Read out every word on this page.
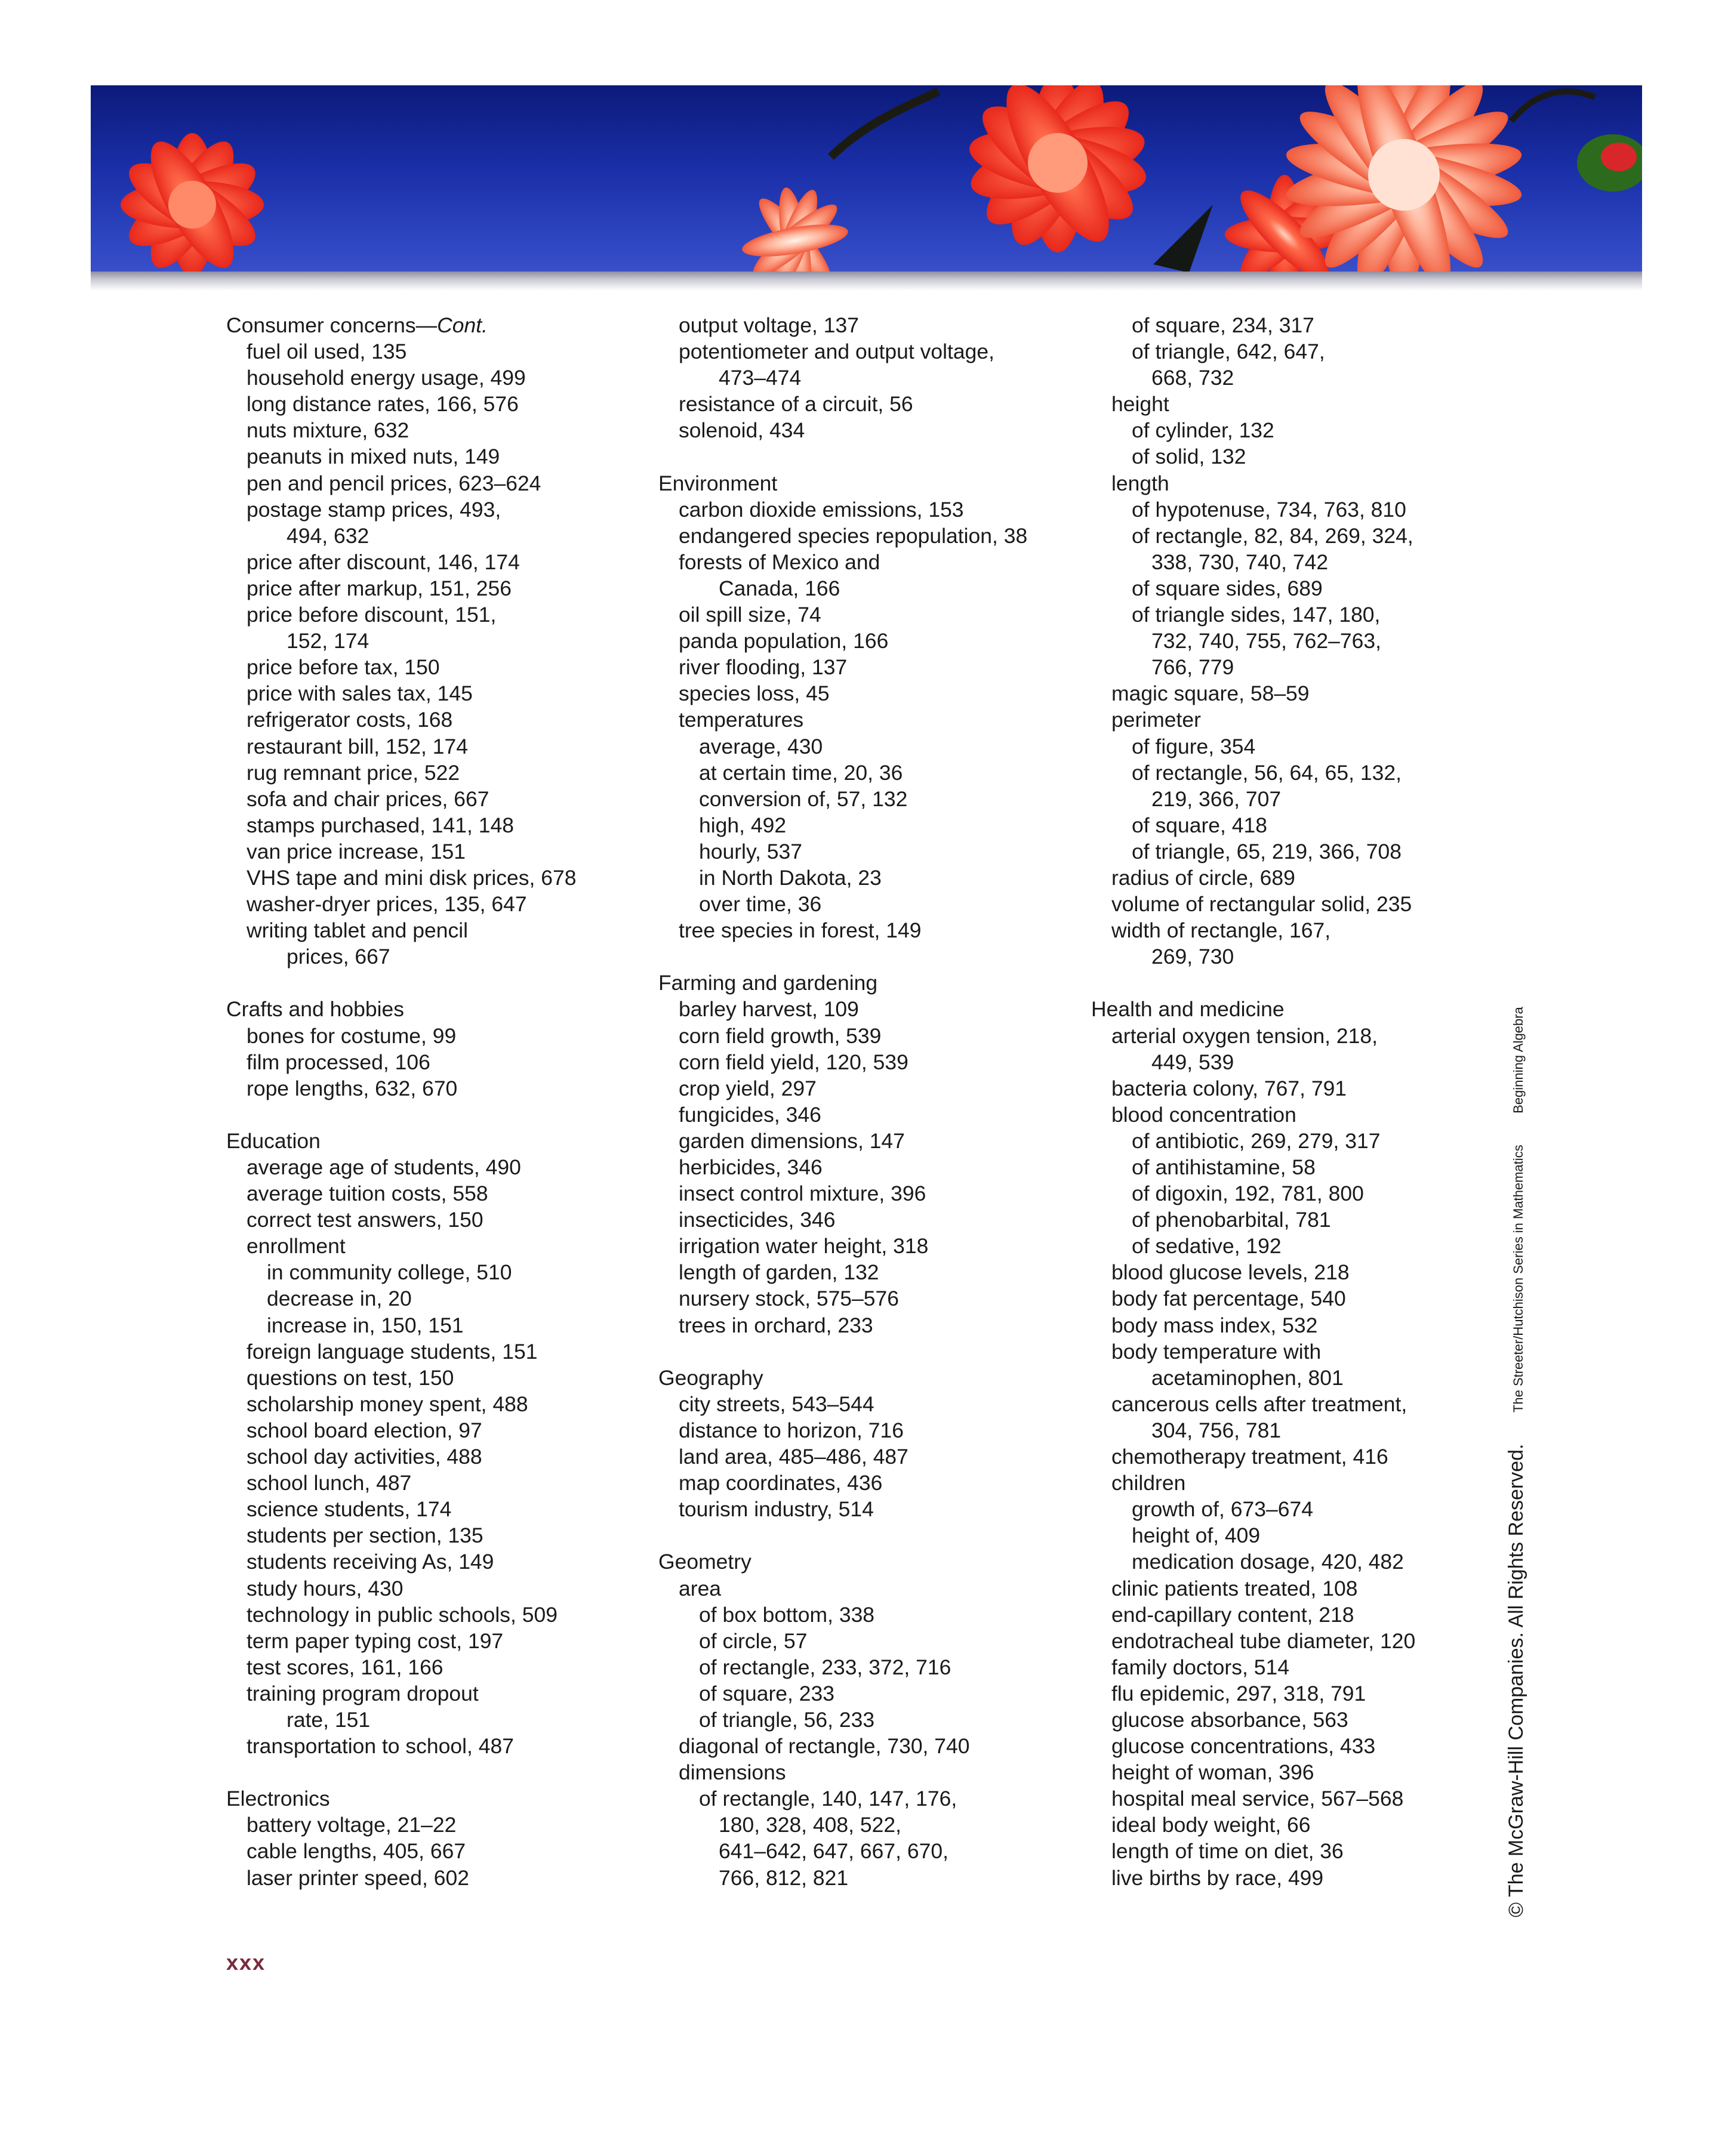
Consumer concerns—Cont.
fuel oil used, 135
household energy usage, 499
long distance rates, 166, 576
nuts mixture, 632
peanuts in mixed nuts, 149
pen and pencil prices, 623–624
postage stamp prices, 493,
494, 632
price after discount, 146, 174
price after markup, 151, 256
price before discount, 151,
152, 174
price before tax, 150
price with sales tax, 145
refrigerator costs, 168
restaurant bill, 152, 174
rug remnant price, 522
sofa and chair prices, 667
stamps purchased, 141, 148
van price increase, 151
VHS tape and mini disk prices, 678
washer-dryer prices, 135, 647
writing tablet and pencil
prices, 667
Crafts and hobbies
bones for costume, 99
film processed, 106
rope lengths, 632, 670
Education
average age of students, 490
average tuition costs, 558
correct test answers, 150
enrollment
in community college, 510
decrease in, 20
increase in, 150, 151
foreign language students, 151
questions on test, 150
scholarship money spent, 488
school board election, 97
school day activities, 488
school lunch, 487
science students, 174
students per section, 135
students receiving As, 149
study hours, 430
technology in public schools, 509
term paper typing cost, 197
test scores, 161, 166
training program dropout
rate, 151
transportation to school, 487
Electronics
battery voltage, 21–22
cable lengths, 405, 667
laser printer speed, 602
output voltage, 137
potentiometer and output voltage,
473–474
resistance of a circuit, 56
solenoid, 434
Environment
carbon dioxide emissions, 153
endangered species repopulation, 38
forests of Mexico and
Canada, 166
oil spill size, 74
panda population, 166
river flooding, 137
species loss, 45
temperatures
average, 430
at certain time, 20, 36
conversion of, 57, 132
high, 492
hourly, 537
in North Dakota, 23
over time, 36
tree species in forest, 149
Farming and gardening
barley harvest, 109
corn field growth, 539
corn field yield, 120, 539
crop yield, 297
fungicides, 346
garden dimensions, 147
herbicides, 346
insect control mixture, 396
insecticides, 346
irrigation water height, 318
length of garden, 132
nursery stock, 575–576
trees in orchard, 233
Geography
city streets, 543–544
distance to horizon, 716
land area, 485–486, 487
map coordinates, 436
tourism industry, 514
Geometry
area
of box bottom, 338
of circle, 57
of rectangle, 233, 372, 716
of square, 233
of triangle, 56, 233
diagonal of rectangle, 730, 740
dimensions
of rectangle, 140, 147, 176,
180, 328, 408, 522,
641–642, 647, 667, 670,
766, 812, 821
of square, 234, 317
of triangle, 642, 647,
668, 732
height
of cylinder, 132
of solid, 132
length
of hypotenuse, 734, 763, 810
of rectangle, 82, 84, 269, 324,
338, 730, 740, 742
of square sides, 689
of triangle sides, 147, 180,
732, 740, 755, 762–763,
766, 779
magic square, 58–59
perimeter
of figure, 354
of rectangle, 56, 64, 65, 132,
219, 366, 707
of square, 418
of triangle, 65, 219, 366, 708
radius of circle, 689
volume of rectangular solid, 235
width of rectangle, 167,
269, 730
Health and medicine
arterial oxygen tension, 218,
449, 539
bacteria colony, 767, 791
blood concentration
of antibiotic, 269, 279, 317
of antihistamine, 58
of digoxin, 192, 781, 800
of phenobarbital, 781
of sedative, 192
blood glucose levels, 218
body fat percentage, 540
body mass index, 532
body temperature with
acetaminophen, 801
cancerous cells after treatment,
304, 756, 781
chemotherapy treatment, 416
children
growth of, 673–674
height of, 409
medication dosage, 420, 482
clinic patients treated, 108
end-capillary content, 218
endotracheal tube diameter, 120
family doctors, 514
flu epidemic, 297, 318, 791
glucose absorbance, 563
glucose concentrations, 433
height of woman, 396
hospital meal service, 567–568
ideal body weight, 66
length of time on diet, 36
live births by race, 499	© The McGraw-Hill Companies. All Rights Reserved. The Streeter/Hutchison Series in Mathematics Beginning Algebra
xxx
